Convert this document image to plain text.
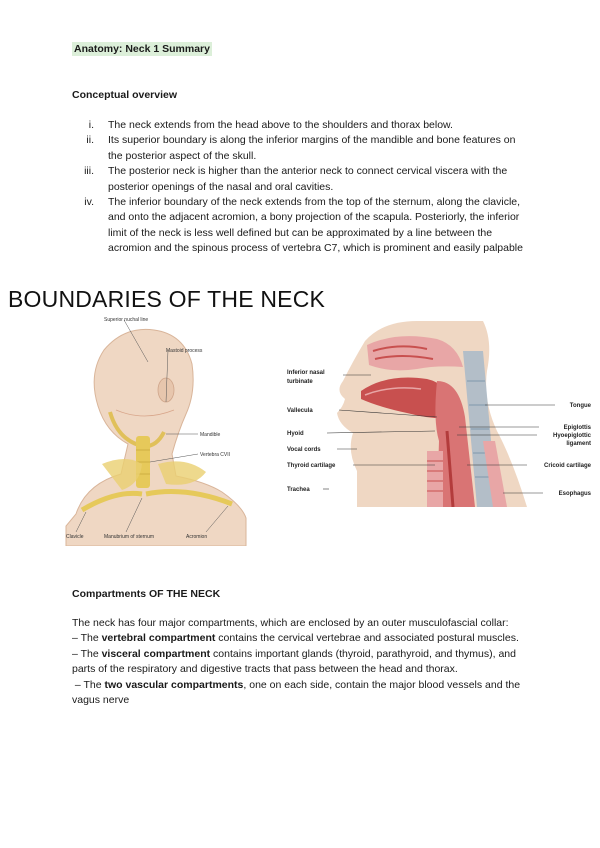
Anatomy: Neck 1 Summary
Conceptual overview
i.	The neck extends from the head above to the shoulders and thorax below.
ii.	Its superior boundary is along the inferior margins of the mandible and bone features on the posterior aspect of the skull.
iii.	The posterior neck is higher than the anterior neck to connect cervical viscera with the posterior openings of the nasal and oral cavities.
iv.	The inferior boundary of the neck extends from the top of the sternum, along the clavicle, and onto the adjacent acromion, a bony projection of the scapula. Posteriorly, the inferior limit of the neck is less well defined but can be approximated by a line between the acromion and the spinous process of vertebra C7, which is prominent and easily palpable
BOUNDARIES OF THE NECK
Superior nuchal line
Mastoid process
Mandible
Vertebra CVII
Clavicle	Manubrium of sternum	Acromion
Inferior nasal
turbinate
Vallecula
Hyoid
Vocal cords
Thyroid cartilage
Trachea
Tongue
Epiglottis
Hyoepiglottic
ligament
Cricoid cartilage
Esophagus
Compartments OF THE NECK

The neck has four major compartments, which are enclosed by an outer musculofascial collar:

– The vertebral compartment contains the cervical vertebrae and associated postural muscles.

– The visceral compartment contains important glands (thyroid, parathyroid, and thymus), and parts of the respiratory and digestive tracts that pass between the head and thorax.

– The two vascular compartments, one on each side, contain the major blood vessels and the vagus nerve
